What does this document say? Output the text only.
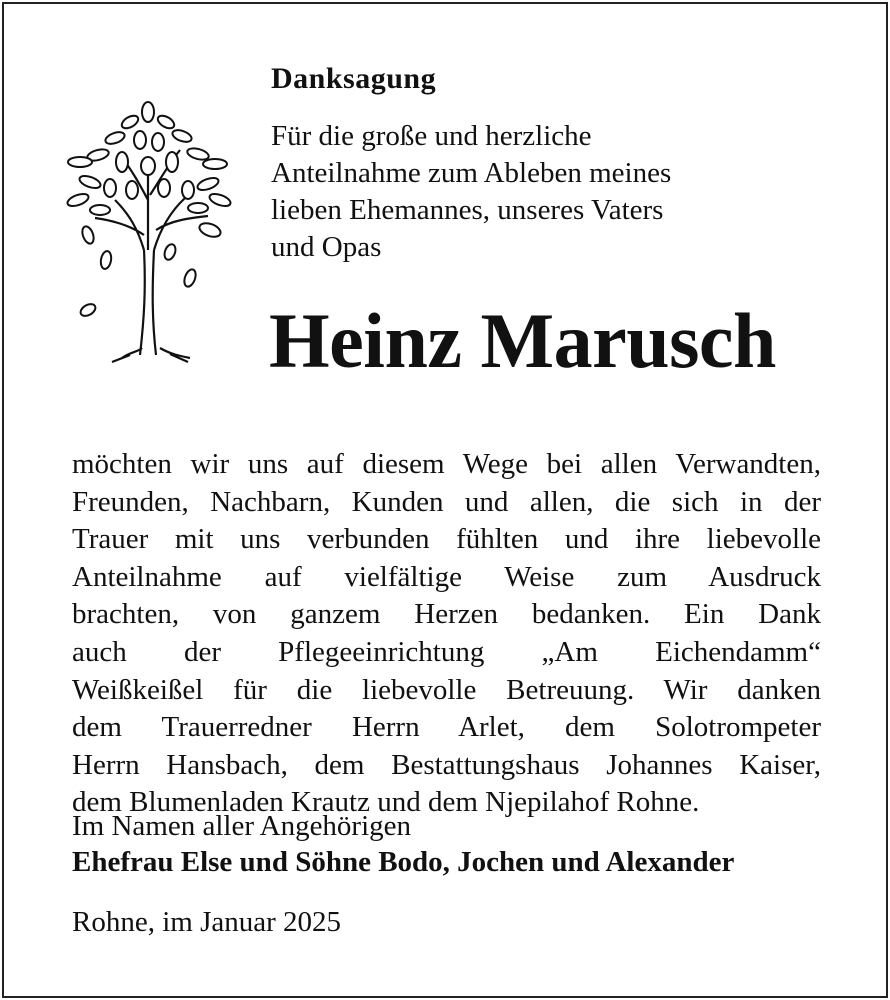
Danksagung
Für die große und herzliche
Anteilnahme zum Ableben meines
lieben Ehemannes, unseres Vaters
und Opas
Heinz Marusch
möchten wir uns auf diesem Wege bei allen Verwandten,
Freunden, Nachbarn, Kunden und allen, die sich in der
Trauer mit uns verbunden fühlten und ihre liebevolle
Anteilnahme auf vielfältige Weise zum Ausdruck
brachten, von ganzem Herzen bedanken. Ein Dank
auch der Pflegeeinrichtung „Am Eichendamm“
Weißkeißel für die liebevolle Betreuung. Wir danken
dem Trauerredner Herrn Arlet, dem Solotrompeter
Herrn Hansbach, dem Bestattungshaus Johannes Kaiser,
dem Blumenladen Krautz und dem Njepilahof Rohne.
Im Namen aller Angehörigen
Ehefrau Else und Söhne Bodo, Jochen und Alexander
Rohne, im Januar 2025
